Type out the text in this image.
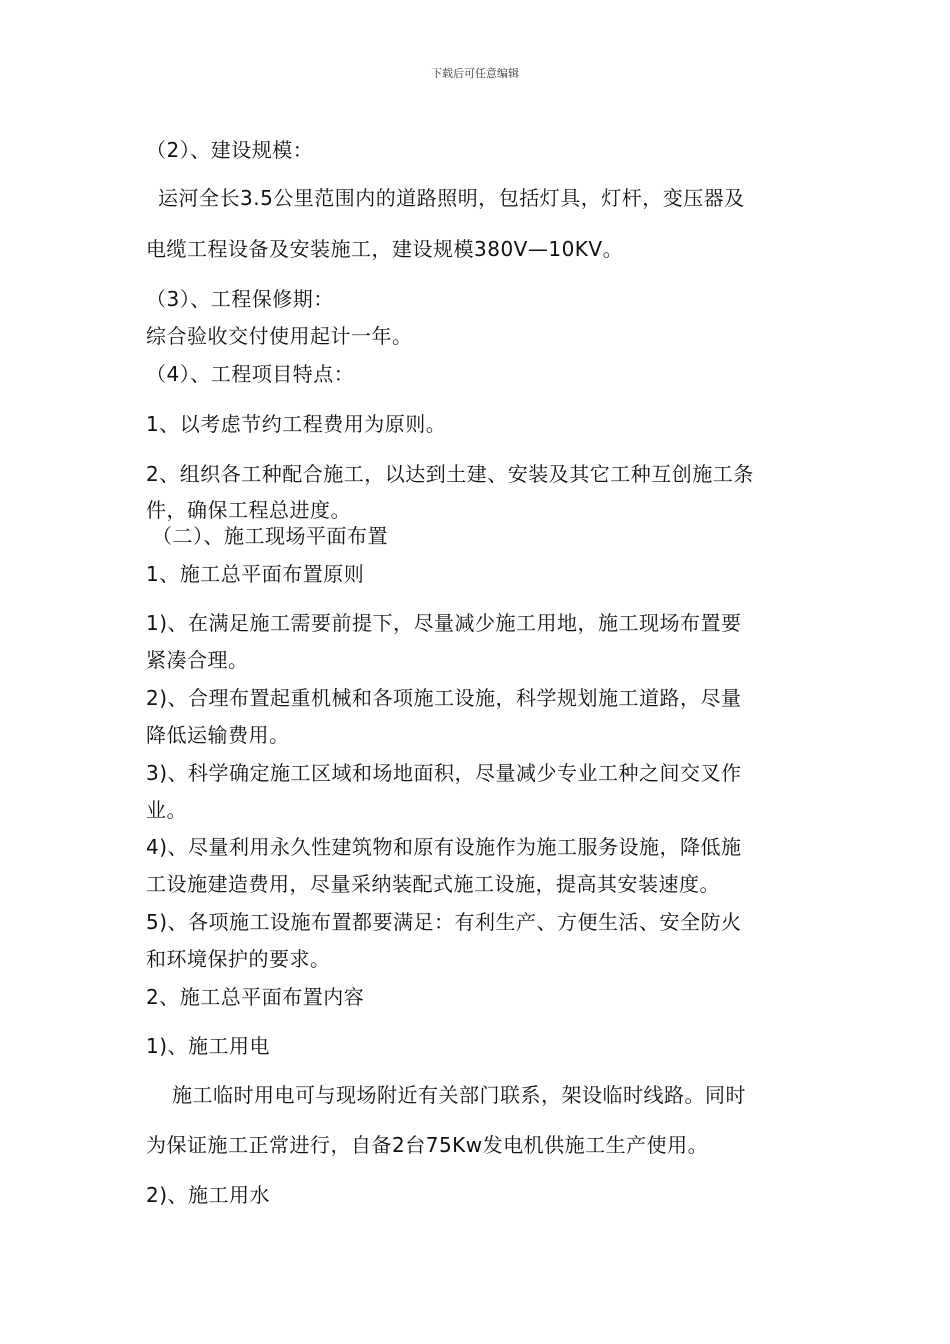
下载后可任意编辑
（2）、建设规模：
运河全长3.5公里范围内的道路照明，包括灯具，灯杆，变压器及
电缆工程设备及安装施工，建设规模380V—10KV。
（3）、工程保修期：
综合验收交付使用起计一年。
（4）、工程项目特点：
1、以考虑节约工程费用为原则。
2、组织各工种配合施工，以达到土建、安装及其它工种互创施工条
件，确保工程总进度。
（二）、施工现场平面布置
1、施工总平面布置原则
1)、在满足施工需要前提下，尽量减少施工用地，施工现场布置要
紧凑合理。
2)、合理布置起重机械和各项施工设施，科学规划施工道路，尽量
降低运输费用。
3)、科学确定施工区域和场地面积，尽量减少专业工种之间交叉作
业。
4)、尽量利用永久性建筑物和原有设施作为施工服务设施，降低施
工设施建造费用，尽量采纳装配式施工设施，提高其安装速度。
5)、各项施工设施布置都要满足：有利生产、方便生活、安全防火
和环境保护的要求。
2、施工总平面布置内容
1)、施工用电
施工临时用电可与现场附近有关部门联系，架设临时线路。同时
为保证施工正常进行，自备2台75Kw发电机供施工生产使用。
2)、施工用水
